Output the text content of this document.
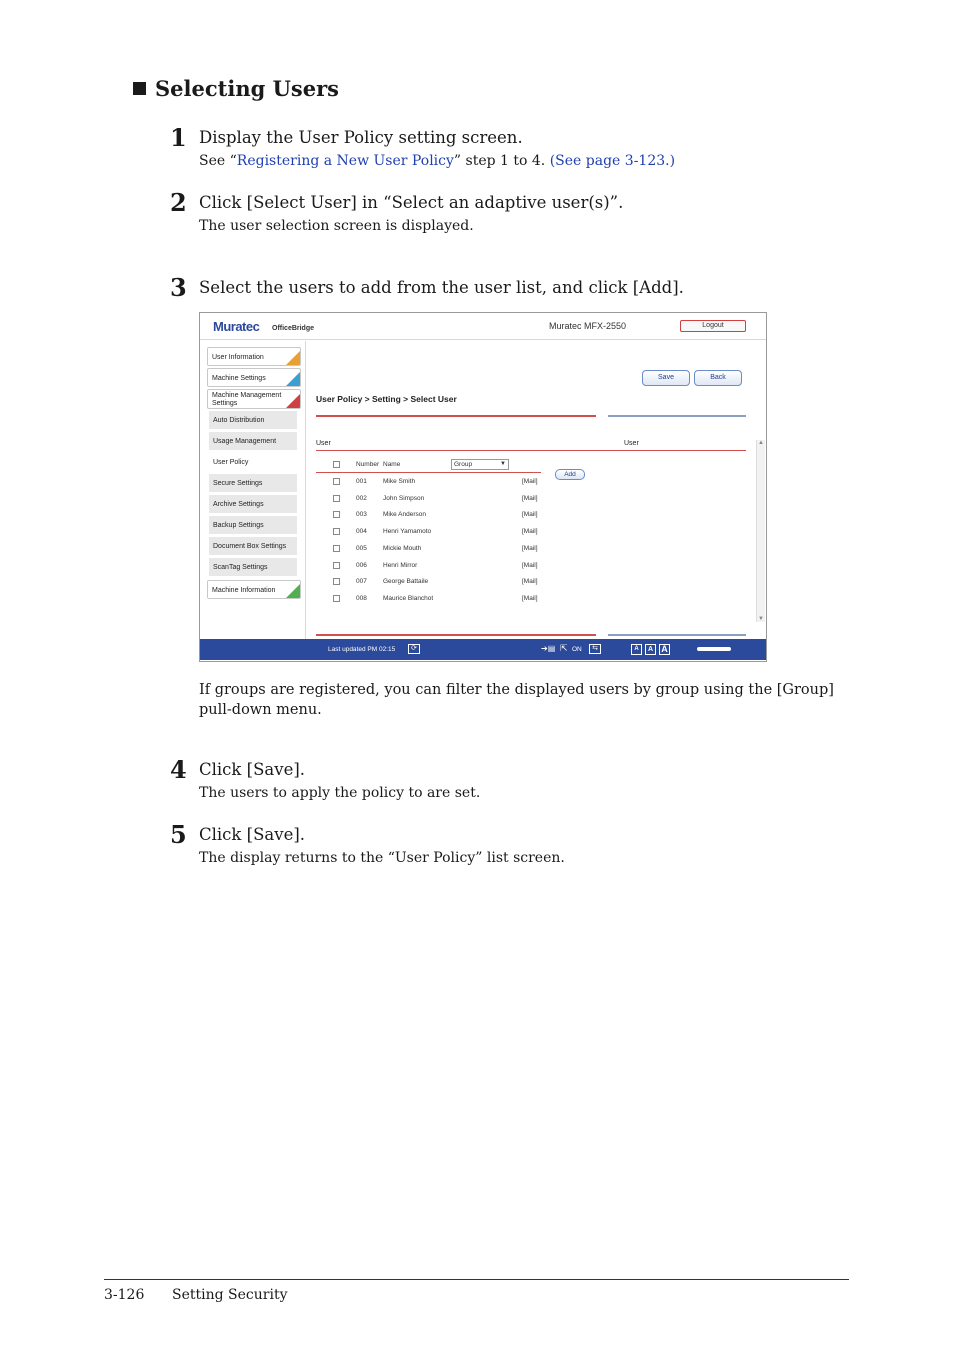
Selecting Users
1 Display the User Policy setting screen.
See “Registering a New User Policy” step 1 to 4. (See page 3-123.)
2 Click [Select User] in “Select an adaptive user(s)”.
The user selection screen is displayed.
3 Select the users to add from the user list, and click [Add].
Muratec OfficeBridge	Muratec MFX-2550	Logout
User Information
Machine Settings
Machine Management Settings
Auto Distribution
Usage Management
User Policy
Secure Settings
Archive Settings
Backup Settings
Document Box Settings
ScanTag Settings
Machine Information
Save	Back
User Policy > Setting > Select User
User	User
Number Name	Group	▼
Add
001 Mike Smith	[Mail]
002 John Simpson	[Mail]
003 Mike Anderson	[Mail]
004 Henri Yamamoto	[Mail]
005 Mickie Mouth	[Mail]
006 Henri Mirror	[Mail]
007 George Battaile	[Mail]
008 Maurice Blanchot	[Mail]
▲
▼
Last updated PM 02:15	⟳	➔▤ ⇱ ON	⇆	A	A A
If groups are registered, you can filter the displayed users by group using the [Group] pull-down menu.
4 Click [Save].
The users to apply the policy to are set.
5 Click [Save].
The display returns to the “User Policy” list screen.
3-126 Setting Security
